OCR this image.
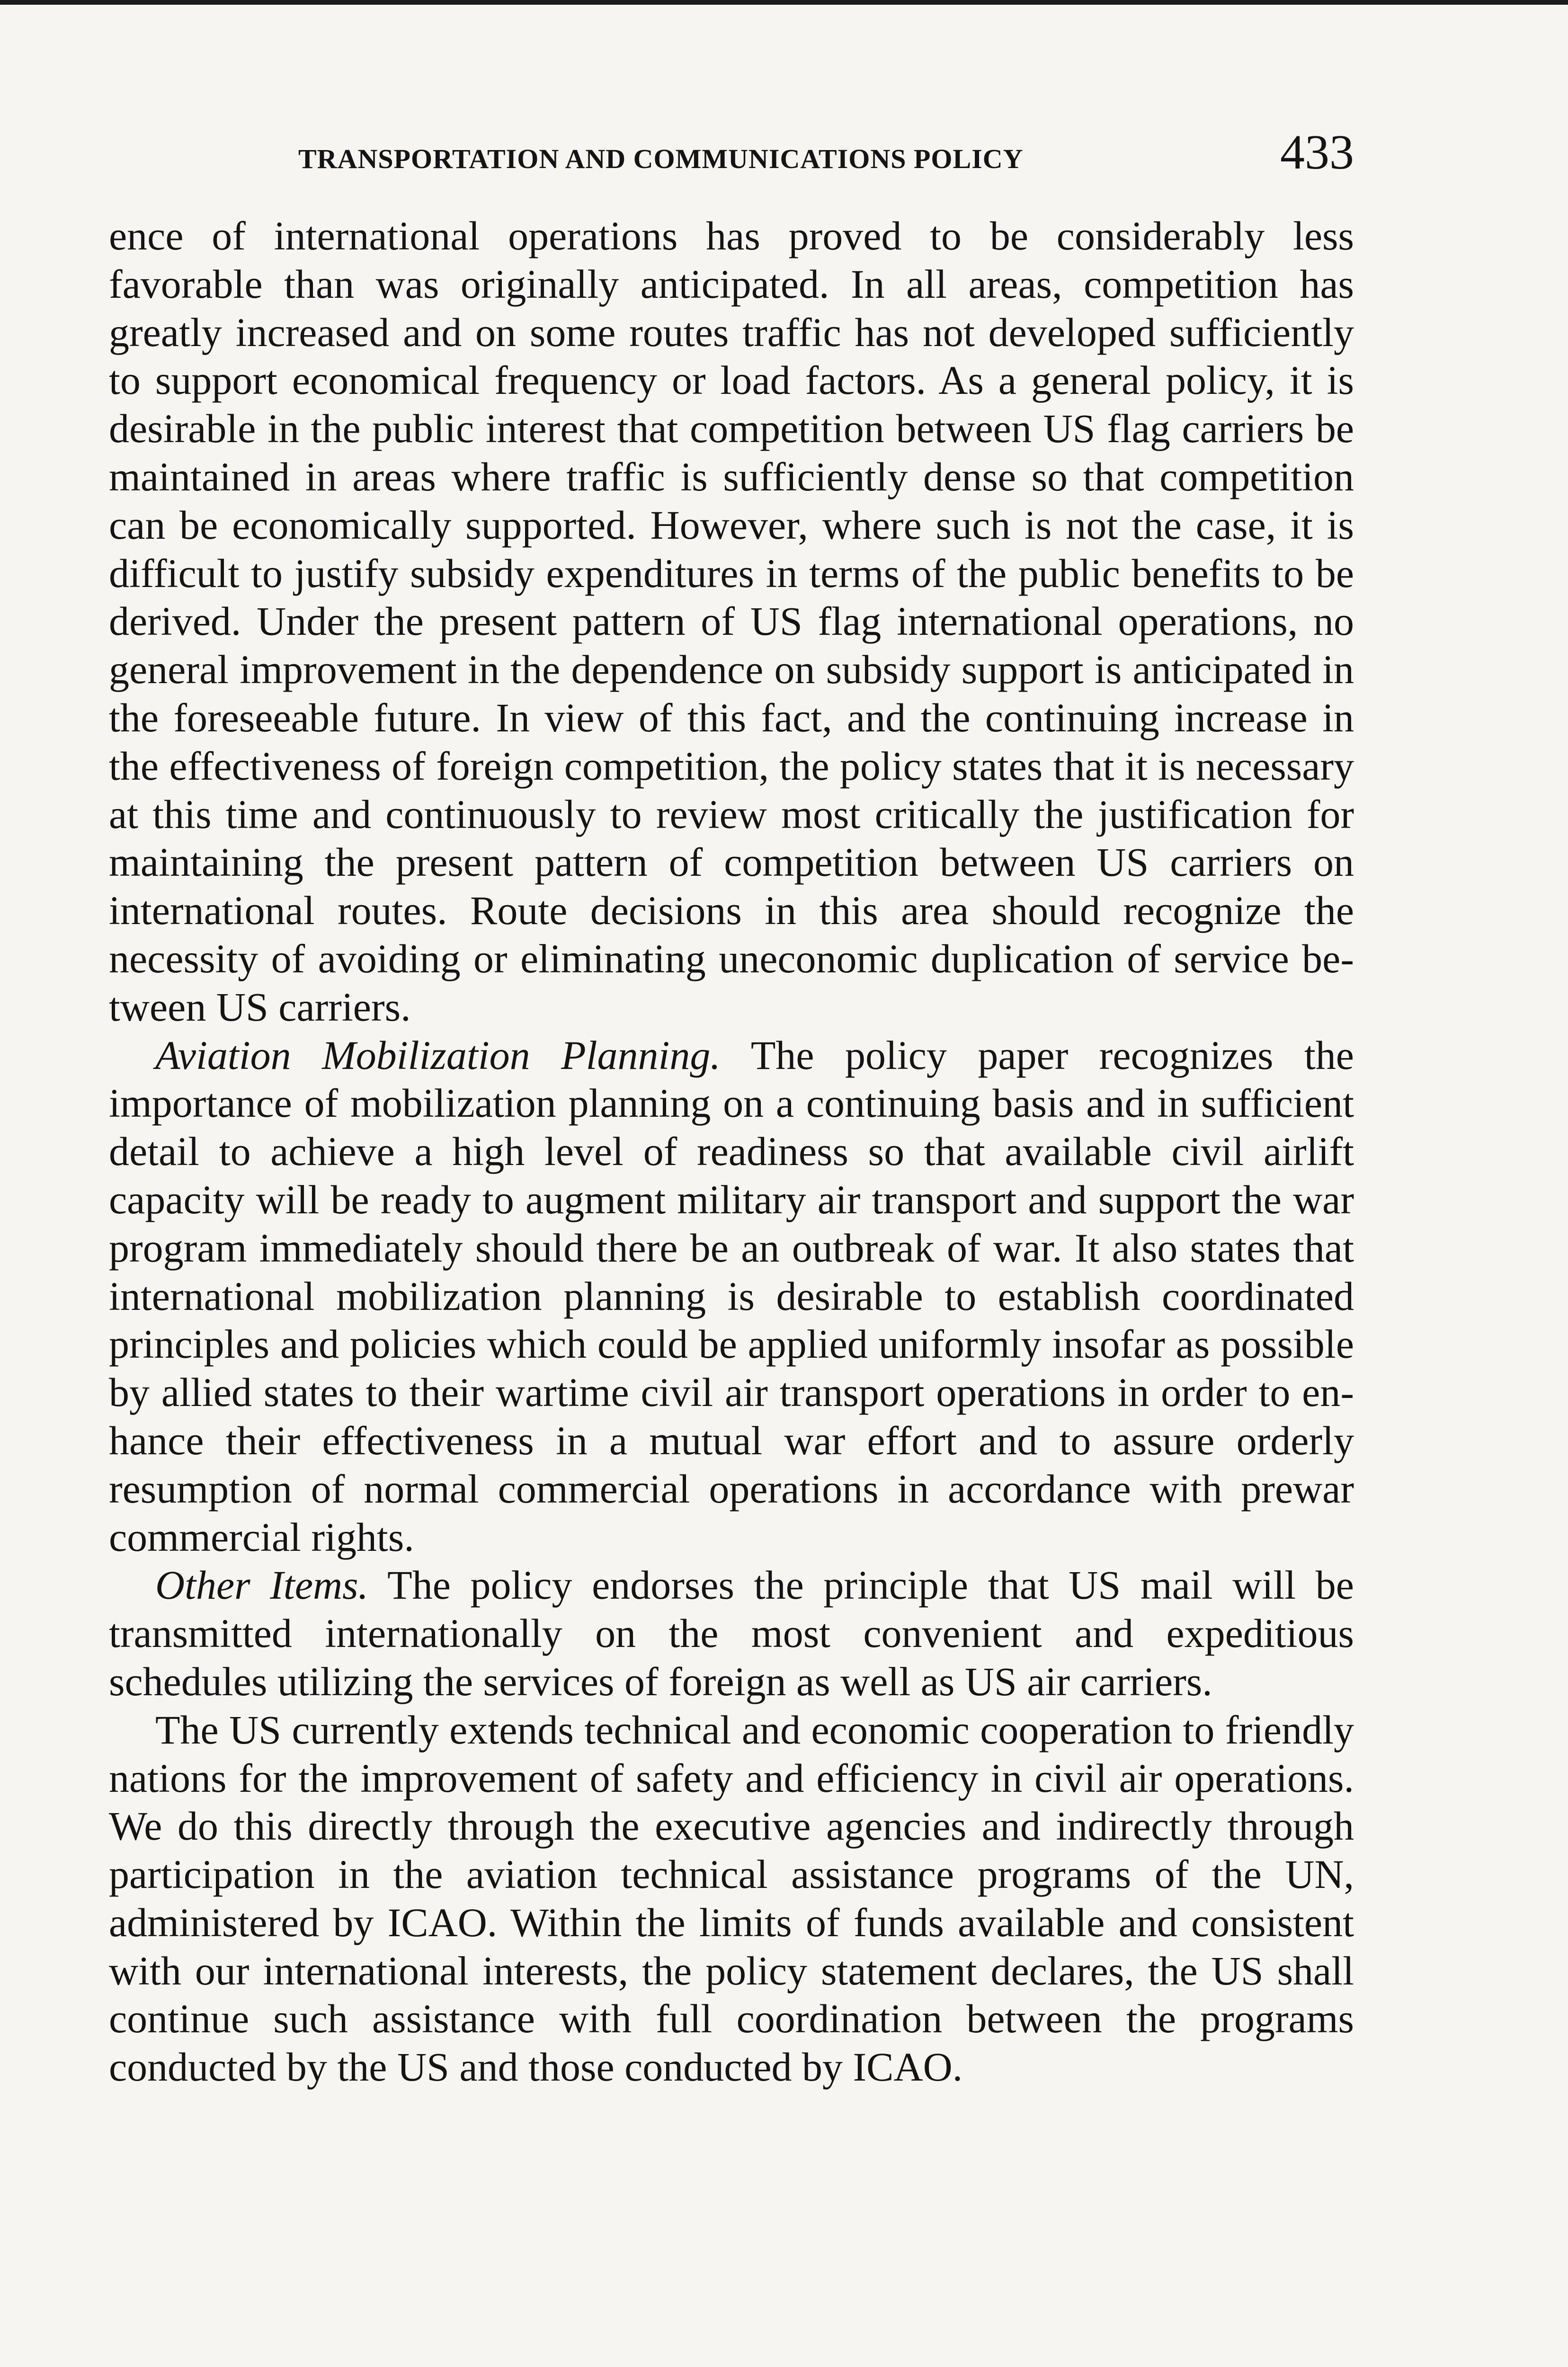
TRANSPORTATION AND COMMUNICATIONS POLICY	433

ence of international operations has proved to be considerably less favorable than was originally anticipated. In all areas, competition has greatly increased and on some routes traffic has not developed sufficiently to support economical frequency or load factors. As a general policy, it is desirable in the public interest that competition between US flag carriers be maintained in areas where traffic is sufficiently dense so that competition can be economically supported. However, where such is not the case, it is difficult to justify subsidy expenditures in terms of the public benefits to be derived. Under the present pattern of US flag international operations, no general improvement in the dependence on subsidy support is anticipated in the foreseeable future. In view of this fact, and the continuing increase in the effectiveness of foreign competition, the policy states that it is necessary at this time and continuously to review most critically the justification for maintaining the present pattern of competition between US carriers on international routes. Route decisions in this area should recognize the necessity of avoiding or eliminating uneconomic duplication of service between US carriers.

Aviation Mobilization Planning. The policy paper recognizes the importance of mobilization planning on a continuing basis and in sufficient detail to achieve a high level of readiness so that available civil airlift capacity will be ready to augment military air transport and support the war program immediately should there be an outbreak of war. It also states that international mobilization planning is desirable to establish coordinated principles and policies which could be applied uniformly insofar as possible by allied states to their wartime civil air transport operations in order to enhance their effectiveness in a mutual war effort and to assure orderly resumption of normal commercial operations in accordance with prewar commercial rights.

Other Items. The policy endorses the principle that US mail will be transmitted internationally on the most convenient and expeditious schedules utilizing the services of foreign as well as US air carriers.

The US currently extends technical and economic cooperation to friendly nations for the improvement of safety and efficiency in civil air operations. We do this directly through the executive agencies and indirectly through participation in the aviation technical assistance programs of the UN, administered by ICAO. Within the limits of funds available and consistent with our international interests, the policy statement declares, the US shall continue such assistance with full coordination between the programs conducted by the US and those conducted by ICAO.
